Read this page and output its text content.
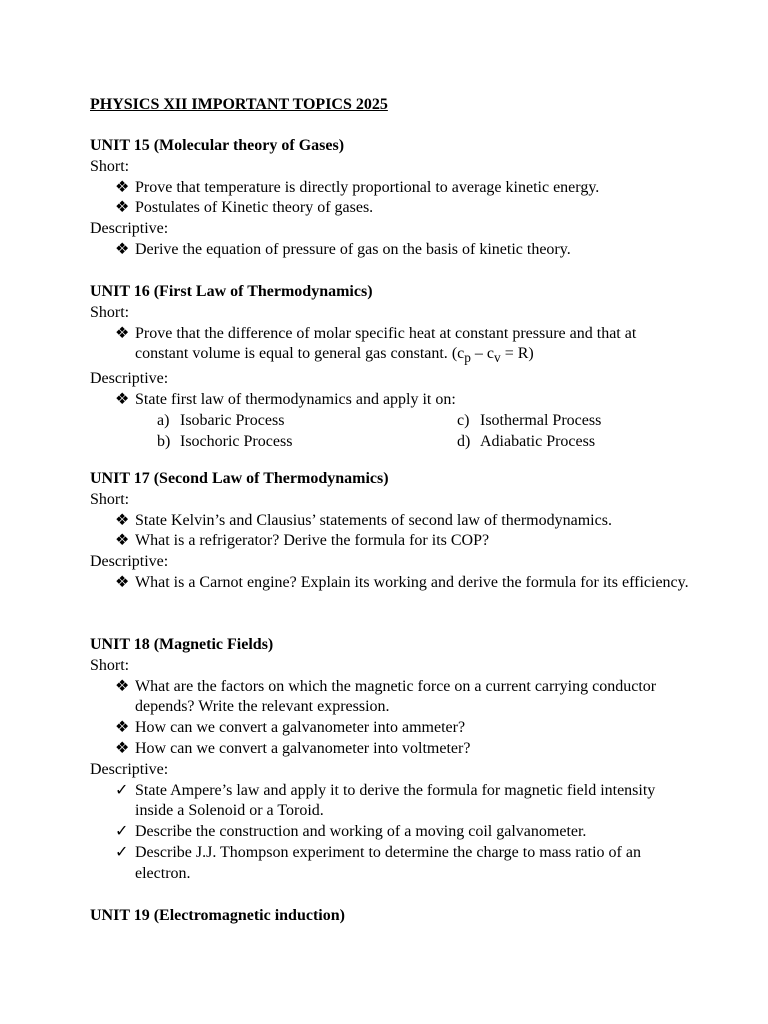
PHYSICS XII IMPORTANT TOPICS 2025

UNIT 15 (Molecular theory of Gases)

Short:

❖ Prove that temperature is directly proportional to average kinetic energy.
❖ Postulates of Kinetic theory of gases.

Descriptive:

❖ Derive the equation of pressure of gas on the basis of kinetic theory.

UNIT 16 (First Law of Thermodynamics)

Short:

❖ Prove that the difference of molar specific heat at constant pressure and that at constant volume is equal to general gas constant. $(c_p - c_v = R)$

Descriptive:

❖ State first law of thermodynamics and apply it on:
a) Isobaric Process	c) Isothermal Process
b) Isochoric Process	d) Adiabatic Process

UNIT 17 (Second Law of Thermodynamics)

Short:

❖ State Kelvin’s and Clausius’ statements of second law of thermodynamics.
❖ What is a refrigerator? Derive the formula for its COP?

Descriptive:

❖ What is a Carnot engine? Explain its working and derive the formula for its efficiency.

UNIT 18 (Magnetic Fields)

Short:

❖ What are the factors on which the magnetic force on a current carrying conductor depends? Write the relevant expression.
❖ How can we convert a galvanometer into ammeter?
❖ How can we convert a galvanometer into voltmeter?

Descriptive:

✓ State Ampere’s law and apply it to derive the formula for magnetic field intensity inside a Solenoid or a Toroid.
✓ Describe the construction and working of a moving coil galvanometer.
✓ Describe J.J. Thompson experiment to determine the charge to mass ratio of an electron.

UNIT 19 (Electromagnetic induction)
